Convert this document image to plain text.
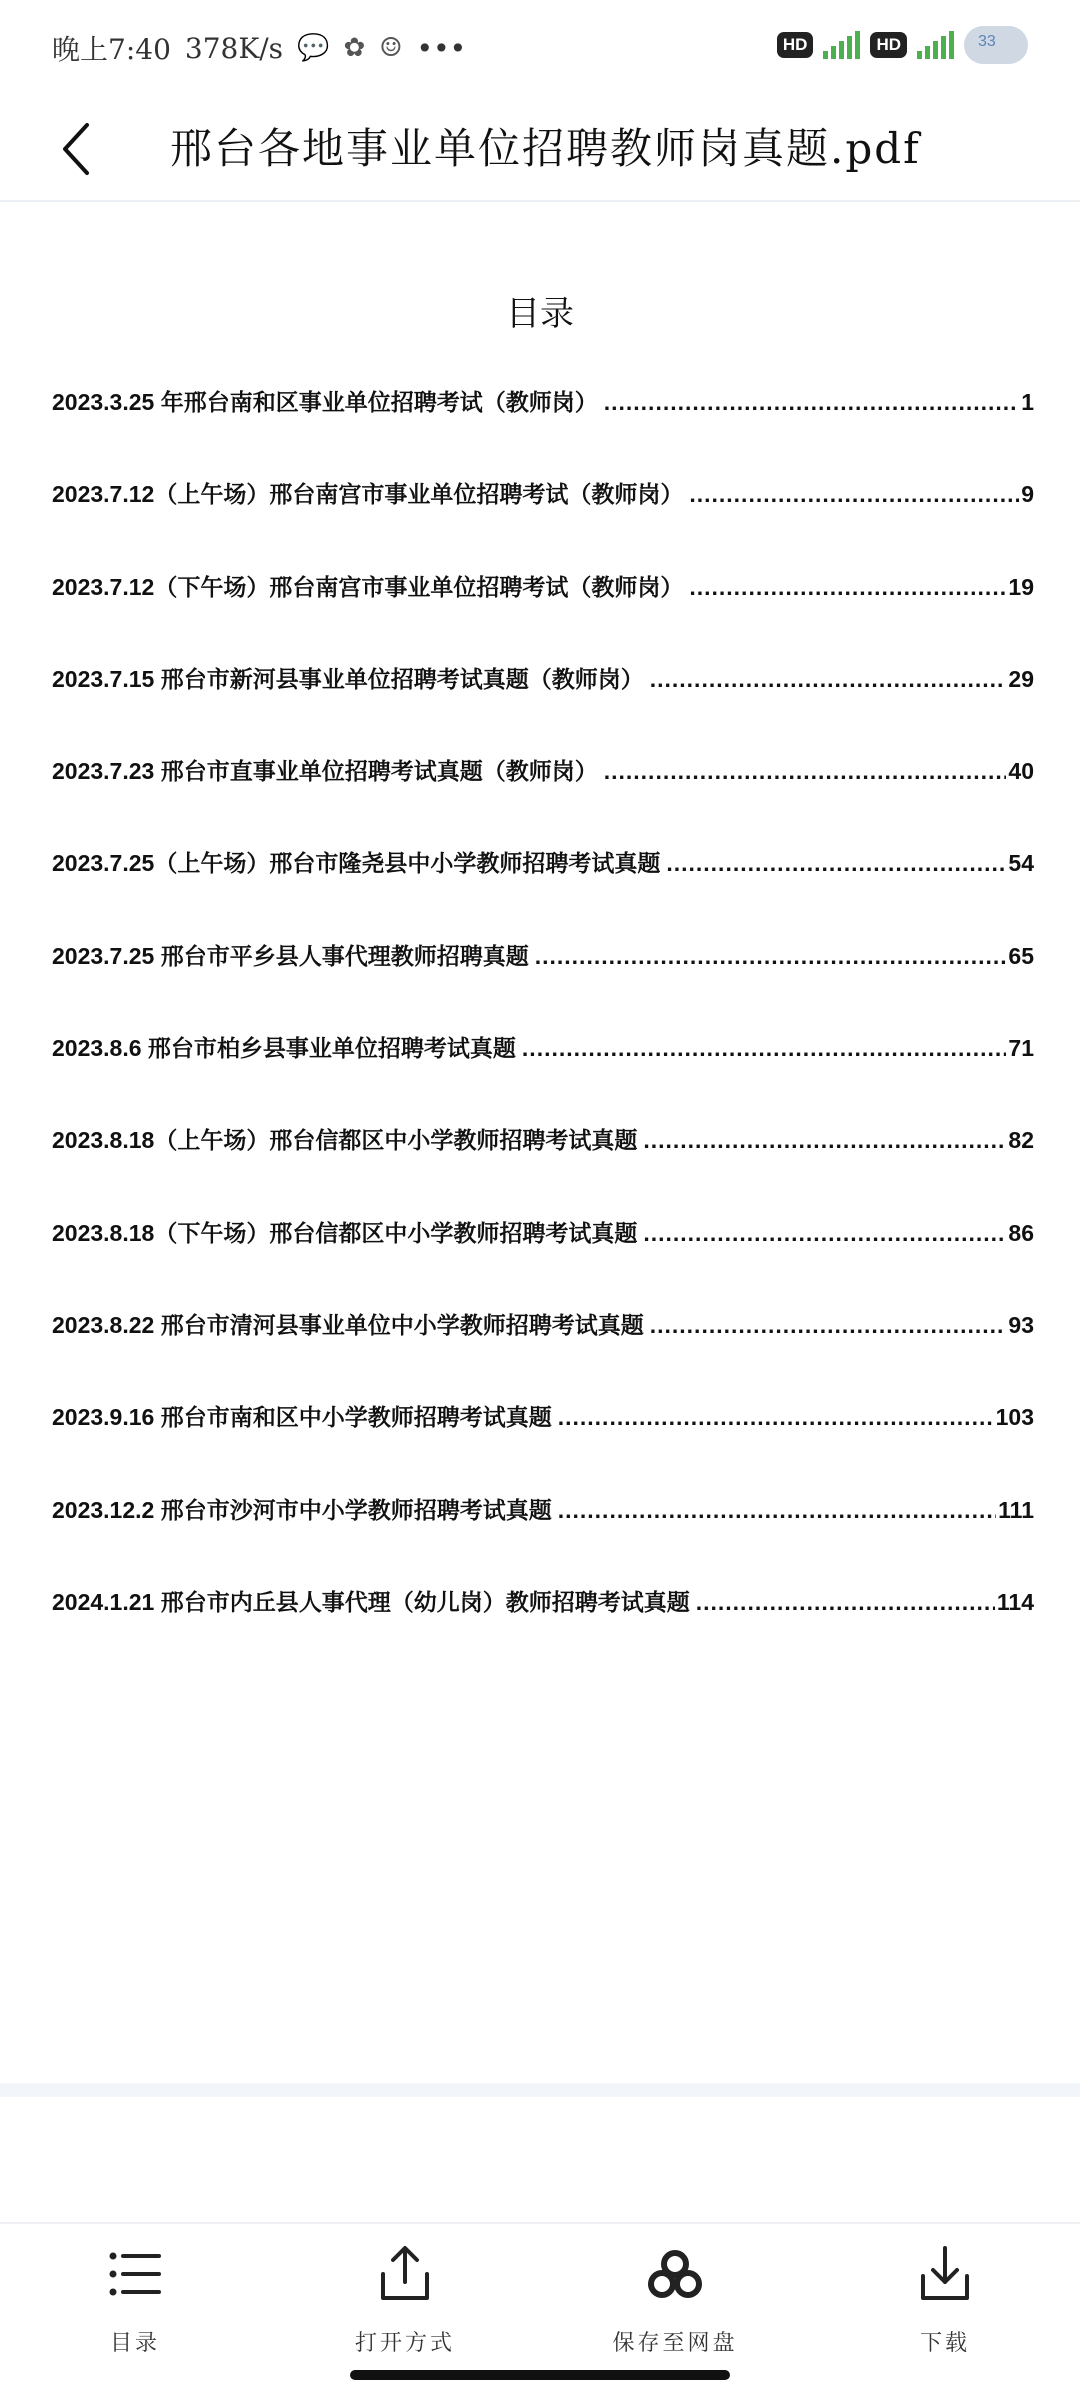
晚上7:40 378K/s 💬 ✿ ☺ •••	HD	HD	33
邢台各地事业单位招聘教师岗真题.pdf
目录
2023.3.25 年邢台南和区事业单位招聘考试（教师岗） .....	1
2023.7.12（上午场）邢台南宫市事业单位招聘考试（教师岗） .....	9
2023.7.12（下午场）邢台南宫市事业单位招聘考试（教师岗） .....	19
2023.7.15 邢台市新河县事业单位招聘考试真题（教师岗） .....	29
2023.7.23 邢台市直事业单位招聘考试真题（教师岗） .....	40
2023.7.25（上午场）邢台市隆尧县中小学教师招聘考试真题 .....	54
2023.7.25 邢台市平乡县人事代理教师招聘真题 .....	65
2023.8.6 邢台市柏乡县事业单位招聘考试真题 .....	71
2023.8.18（上午场）邢台信都区中小学教师招聘考试真题 .....	82
2023.8.18（下午场）邢台信都区中小学教师招聘考试真题 .....	86
2023.8.22 邢台市清河县事业单位中小学教师招聘考试真题 .....	93
2023.9.16 邢台市南和区中小学教师招聘考试真题 .....	103
2023.12.2 邢台市沙河市中小学教师招聘考试真题 .....	111
2024.1.21 邢台市内丘县人事代理（幼儿岗）教师招聘考试真题 .....	114
目录	打开方式	保存至网盘	下载
